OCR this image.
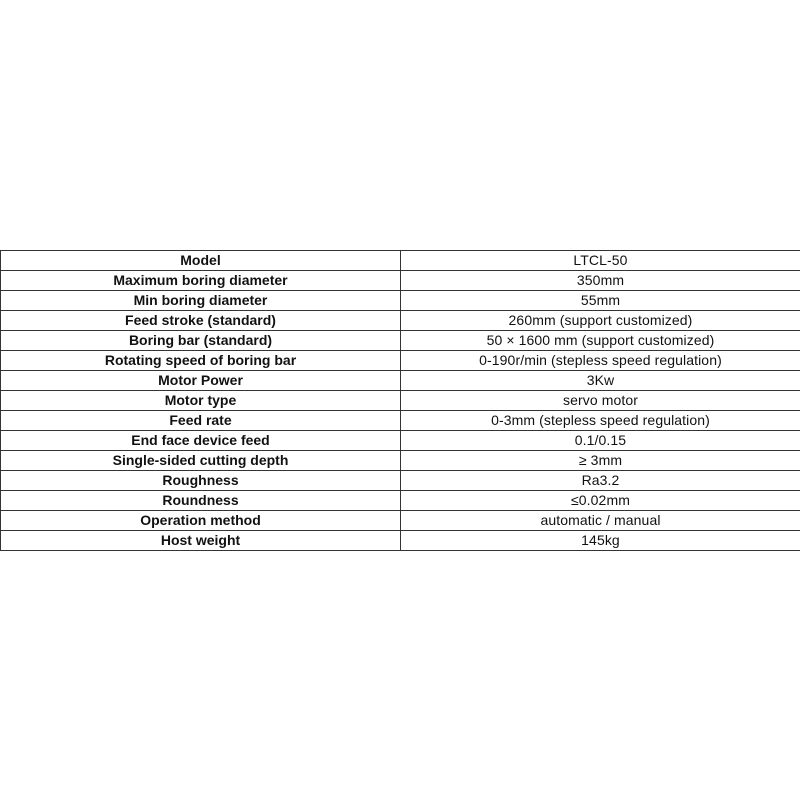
Model	LTCL-50
Maximum boring diameter	350mm
Min boring diameter	55mm
Feed stroke (standard)	260mm (support customized)
Boring bar (standard)	50 × 1600 mm (support customized)
Rotating speed of boring bar	0-190r/min (stepless speed regulation)
Motor Power	3Kw
Motor type	servo motor
Feed rate	0-3mm (stepless speed regulation)
End face device feed	0.1/0.15
Single-sided cutting depth	≥ 3mm
Roughness	Ra3.2
Roundness	≤0.02mm
Operation method	automatic / manual
Host weight	145kg
